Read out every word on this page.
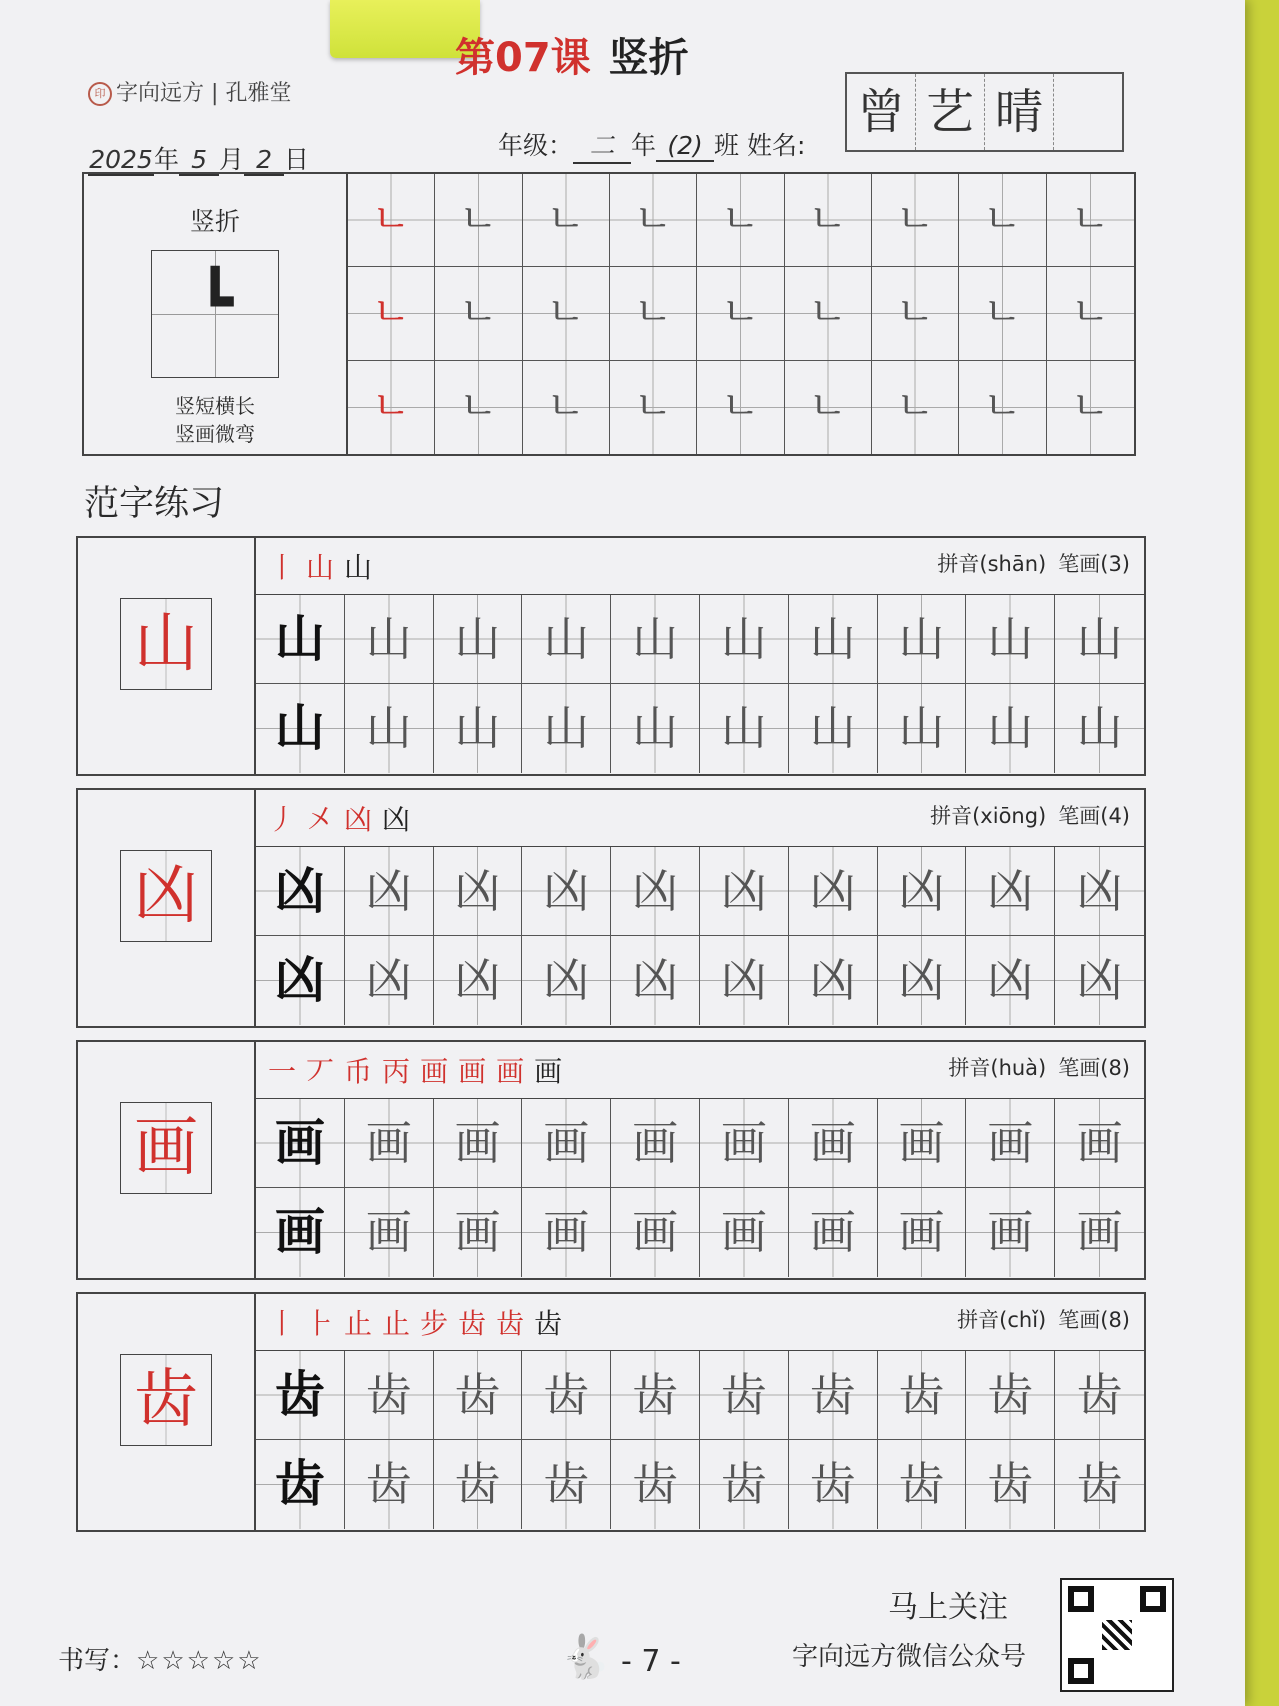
印 字向远方 | 孔雅堂
第07课 竖折
曾 艺 晴
2025年 5 月 2 日	年级： 二 年 (2) 班 姓名:
竖折
┗
竖短横长
竖画微弯
ㄴ	ㄴ	ㄴ	ㄴ	ㄴ	ㄴ	ㄴ	ㄴ	ㄴ
ㄴ	ㄴ	ㄴ	ㄴ	ㄴ	ㄴ	ㄴ	ㄴ	ㄴ
ㄴ	ㄴ	ㄴ	ㄴ	ㄴ	ㄴ	ㄴ	ㄴ	ㄴ
范字练习
山
丨山山	拼音(shān) 笔画(3)
山 山 山 山 山 山 山 山 山 山
山 山 山 山 山 山 山 山 山 山
凶
丿㐅凶凶	拼音(xiōng) 笔画(4)
凶 凶 凶 凶 凶 凶 凶 凶 凶 凶
凶 凶 凶 凶 凶 凶 凶 凶 凶 凶
画
一丆币丙画画画画	拼音(huà) 笔画(8)
画 画 画 画 画 画 画 画 画 画
画 画 画 画 画 画 画 画 画 画
齿
丨⺊止止步齿齿齿	拼音(chǐ) 笔画(8)
齿 齿 齿 齿 齿 齿 齿 齿 齿 齿
齿 齿 齿 齿 齿 齿 齿 齿 齿 齿
书写：☆☆☆☆☆	🐇 - 7 -
马上关注
字向远方微信公众号
